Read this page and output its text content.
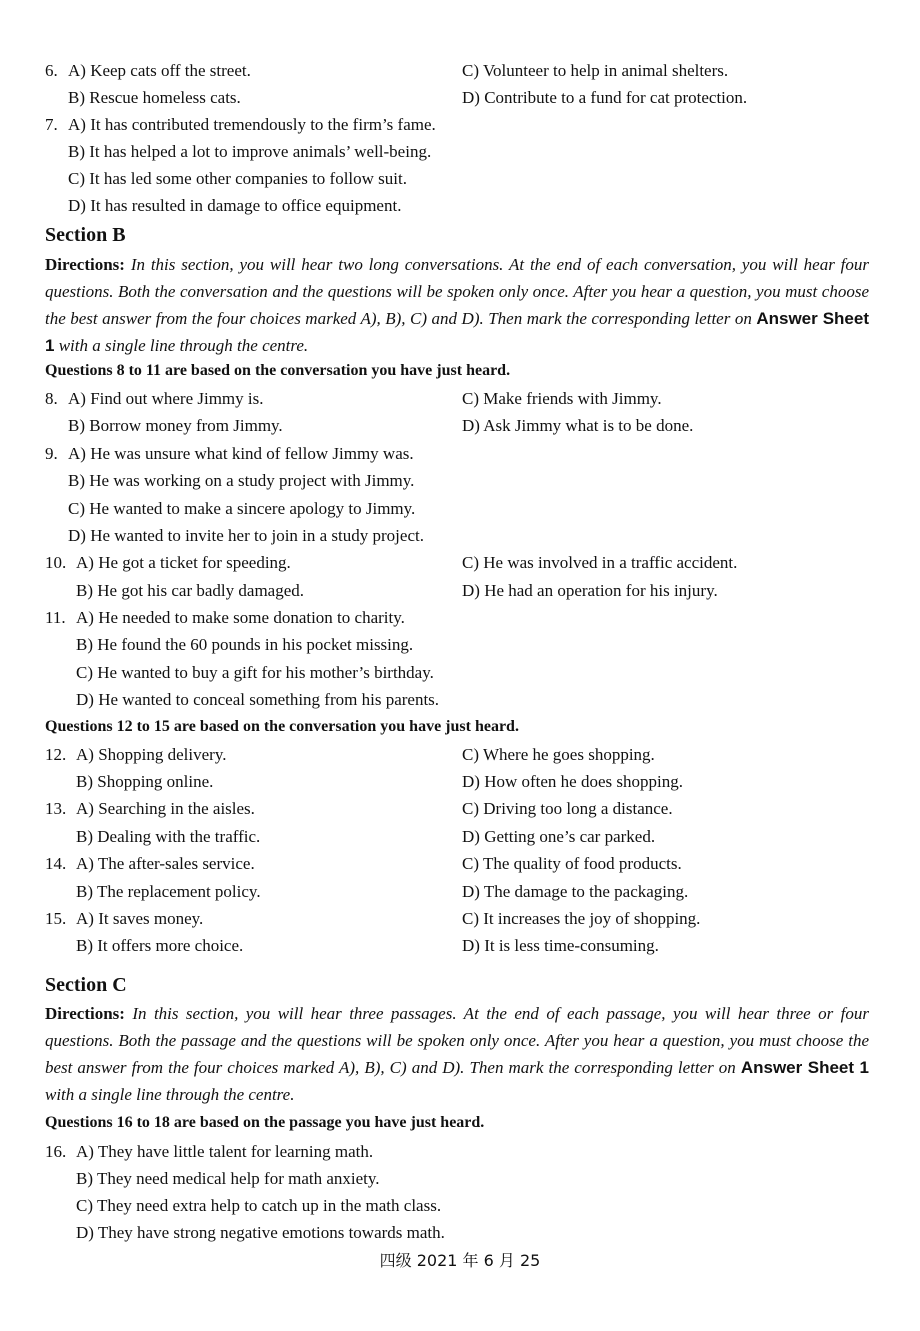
6. A) Keep cats off the street.	C) Volunteer to help in animal shelters.
B) Rescue homeless cats.	D) Contribute to a fund for cat protection.
7. A) It has contributed tremendously to the firm’s fame.
B) It has helped a lot to improve animals’ well-being.
C) It has led some other companies to follow suit.
D) It has resulted in damage to office equipment.
Section B
Directions: In this section, you will hear two long conversations. At the end of each conversation, you will hear four questions. Both the conversation and the questions will be spoken only once. After you hear a question, you must choose the best answer from the four choices marked A), B), C) and D). Then mark the corresponding letter on Answer Sheet 1 with a single line through the centre.
Questions 8 to 11 are based on the conversation you have just heard.
8. A) Find out where Jimmy is.	C) Make friends with Jimmy.
B) Borrow money from Jimmy.	D) Ask Jimmy what is to be done.
9. A) He was unsure what kind of fellow Jimmy was.
B) He was working on a study project with Jimmy.
C) He wanted to make a sincere apology to Jimmy.
D) He wanted to invite her to join in a study project.
10. A) He got a ticket for speeding.	C) He was involved in a traffic accident.
B) He got his car badly damaged.	D) He had an operation for his injury.
11. A) He needed to make some donation to charity.
B) He found the 60 pounds in his pocket missing.
C) He wanted to buy a gift for his mother’s birthday.
D) He wanted to conceal something from his parents.
Questions 12 to 15 are based on the conversation you have just heard.
12. A) Shopping delivery.	C) Where he goes shopping.
B) Shopping online.	D) How often he does shopping.
13. A) Searching in the aisles.	C) Driving too long a distance.
B) Dealing with the traffic.	D) Getting one’s car parked.
14. A) The after-sales service.	C) The quality of food products.
B) The replacement policy.	D) The damage to the packaging.
15. A) It saves money.	C) It increases the joy of shopping.
B) It offers more choice.	D) It is less time-consuming.
Section C
Directions: In this section, you will hear three passages. At the end of each passage, you will hear three or four questions. Both the passage and the questions will be spoken only once. After you hear a question, you must choose the best answer from the four choices marked A), B), C) and D). Then mark the corresponding letter on Answer Sheet 1 with a single line through the centre.
Questions 16 to 18 are based on the passage you have just heard.
16. A) They have little talent for learning math.
B) They need medical help for math anxiety.
C) They need extra help to catch up in the math class.
D) They have strong negative emotions towards math.
四级 2021 年 6 月 25
